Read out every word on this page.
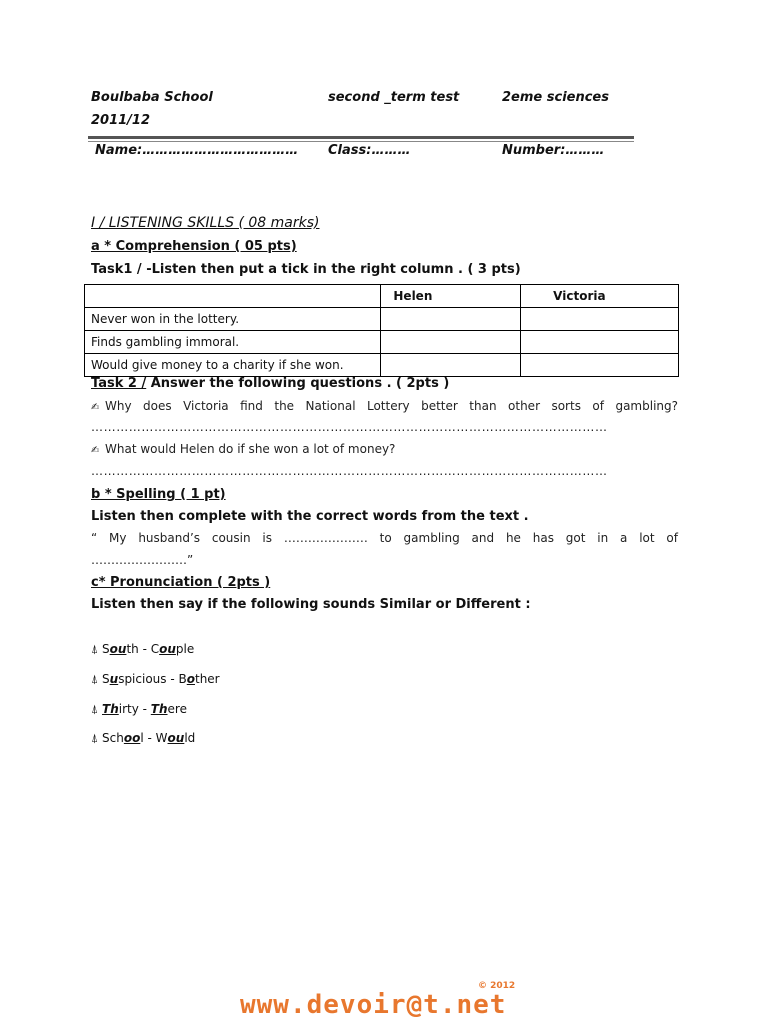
Boulbaba School	second _term test	2eme sciences
2011/12
Name:……………………………… Class:………	Number:………
I / LISTENING SKILLS ( 08 marks)
a * Comprehension ( 05 pts)
Task1 / -Listen then put a tick in the right column . ( 3 pts)
	Helen	Victoria
Never won in the lottery.		
Finds gambling immoral.		
Would give money to a charity if she won.		
Task 2 / Answer the following questions . ( 2pts )
✍ Why does Victoria find the National Lottery better than other sorts of gambling?
……………………………………………………………………………………………………………
✍ What would Helen do if she won a lot of money?
……………………………………………………………………………………………………………
b * Spelling ( 1 pt)
Listen then complete with the correct words from the text .
“ My husband’s cousin is ………………… to gambling and he has got in a lot of
……………………”
c* Pronunciation ( 2pts )
Listen then say if the following sounds Similar or Different :
⍋ South - Couple
⍋ Suspicious - Bother
⍋ Thirty - There
⍋ School - Would
© 2012
www.devoir@t.net
